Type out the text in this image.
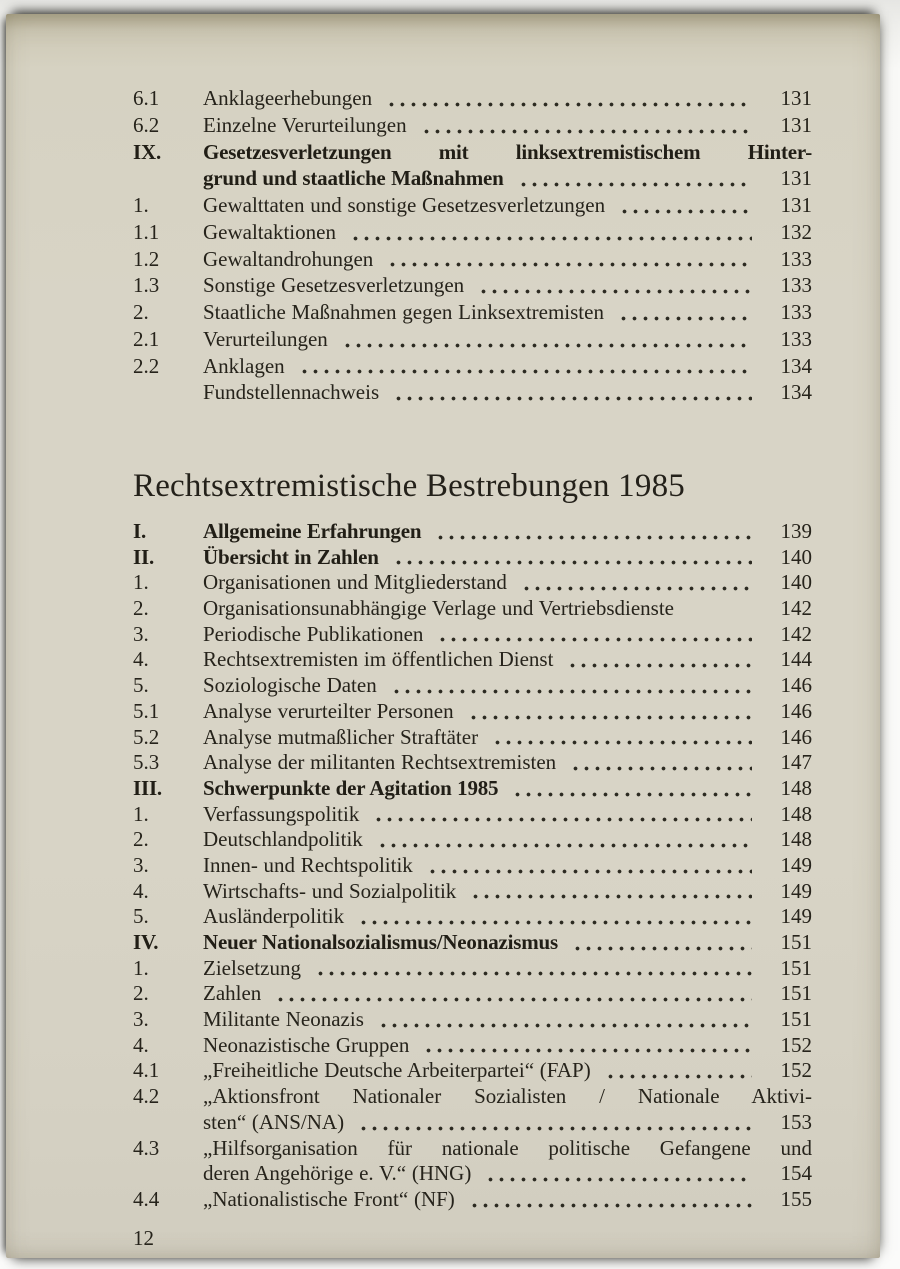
6.1	Anklageerhebungen	131
6.2	Einzelne Verurteilungen	131
IX.	Gesetzesverletzungen mit linksextremistischem Hinter-
grund und staatliche Maßnahmen	131
1.	Gewalttaten und sonstige Gesetzesverletzungen	131
1.1	Gewaltaktionen	132
1.2	Gewaltandrohungen	133
1.3	Sonstige Gesetzesverletzungen	133
2.	Staatliche Maßnahmen gegen Linksextremisten	133
2.1	Verurteilungen	133
2.2	Anklagen	134
Fundstellennachweis	134
Rechtsextremistische Bestrebungen 1985
I.	Allgemeine Erfahrungen	139
II.	Übersicht in Zahlen	140
1.	Organisationen und Mitgliederstand	140
2.	Organisationsunabhängige Verlage und Vertriebsdienste	142
3.	Periodische Publikationen	142
4.	Rechtsextremisten im öffentlichen Dienst	144
5.	Soziologische Daten	146
5.1	Analyse verurteilter Personen	146
5.2	Analyse mutmaßlicher Straftäter	146
5.3	Analyse der militanten Rechtsextremisten	147
III.	Schwerpunkte der Agitation 1985	148
1.	Verfassungspolitik	148
2.	Deutschlandpolitik	148
3.	Innen- und Rechtspolitik	149
4.	Wirtschafts- und Sozialpolitik	149
5.	Ausländerpolitik	149
IV.	Neuer Nationalsozialismus/Neonazismus	151
1.	Zielsetzung	151
2.	Zahlen	151
3.	Militante Neonazis	151
4.	Neonazistische Gruppen	152
4.1	„Freiheitliche Deutsche Arbeiterpartei“ (FAP)	152
4.2	„Aktionsfront Nationaler Sozialisten / Nationale Aktivi-
sten“ (ANS/NA)	153
4.3	„Hilfsorganisation für nationale politische Gefangene und
deren Angehörige e. V.“ (HNG)	154
4.4	„Nationalistische Front“ (NF)	155
12
